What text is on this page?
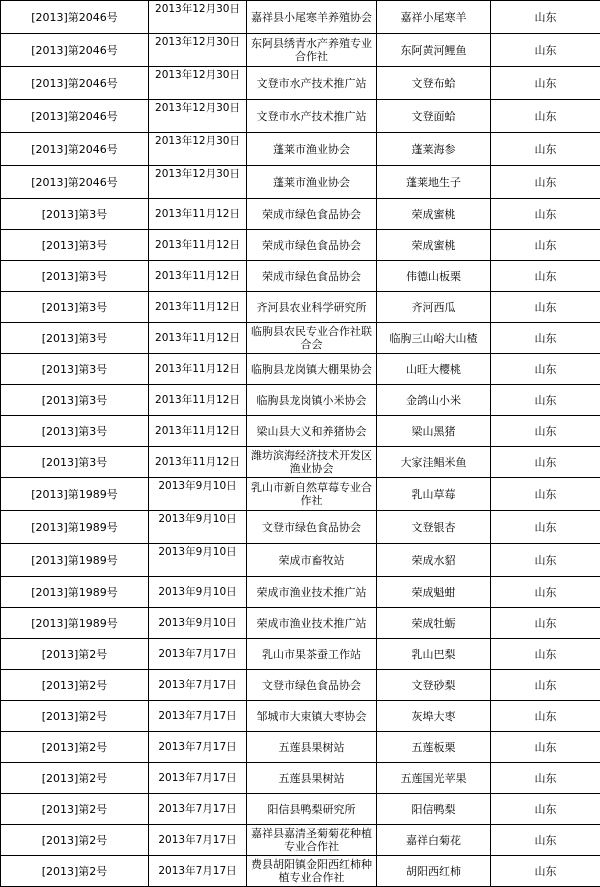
[2013]第2046号	2013年12月30日	嘉祥县小尾寒羊养殖协会	嘉祥小尾寒羊	山东
[2013]第2046号	2013年12月30日	东阿县绣青水产养殖专业合作社	东阿黄河鲤鱼	山东
[2013]第2046号	2013年12月30日	文登市水产技术推广站	文登布蛤	山东
[2013]第2046号	2013年12月30日	文登市水产技术推广站	文登面蛤	山东
[2013]第2046号	2013年12月30日	蓬莱市渔业协会	蓬莱海参	山东
[2013]第2046号	2013年12月30日	蓬莱市渔业协会	蓬莱地生子	山东
[2013]第3号	2013年11月12日	荣成市绿色食品协会	荣成蜜桃	山东
[2013]第3号	2013年11月12日	荣成市绿色食品协会	荣成蜜桃	山东
[2013]第3号	2013年11月12日	荣成市绿色食品协会	伟德山板栗	山东
[2013]第3号	2013年11月12日	齐河县农业科学研究所	齐河西瓜	山东
[2013]第3号	2013年11月12日	临朐县农民专业合作社联合会	临朐三山峪大山楂	山东
[2013]第3号	2013年11月12日	临朐县龙岗镇大棚果协会	山旺大樱桃	山东
[2013]第3号	2013年11月12日	临朐县龙岗镇小米协会	金鸽山小米	山东
[2013]第3号	2013年11月12日	梁山县大义和养猪协会	梁山黑猪	山东
[2013]第3号	2013年11月12日	潍坊滨海经济技术开发区渔业协会	大家洼鲳米鱼	山东
[2013]第1989号	2013年9月10日	乳山市新自然草莓专业合作社	乳山草莓	山东
[2013]第1989号	2013年9月10日	文登市绿色食品协会	文登银杏	山东
[2013]第1989号	2013年9月10日	荣成市畜牧站	荣成水貂	山东
[2013]第1989号	2013年9月10日	荣成市渔业技术推广站	荣成魁蚶	山东
[2013]第1989号	2013年9月10日	荣成市渔业技术推广站	荣成牡蛎	山东
[2013]第2号	2013年7月17日	乳山市果茶蚕工作站	乳山巴梨	山东
[2013]第2号	2013年7月17日	文登市绿色食品协会	文登砂梨	山东
[2013]第2号	2013年7月17日	邹城市大束镇大枣协会	灰埠大枣	山东
[2013]第2号	2013年7月17日	五莲县果树站	五莲板栗	山东
[2013]第2号	2013年7月17日	五莲县果树站	五莲国光苹果	山东
[2013]第2号	2013年7月17日	阳信县鸭梨研究所	阳信鸭梨	山东
[2013]第2号	2013年7月17日	嘉祥县嘉清圣菊菊花种植专业合作社	嘉祥白菊花	山东
[2013]第2号	2013年7月17日	费县胡阳镇金阳西红柿种植专业合作社	胡阳西红柿	山东
